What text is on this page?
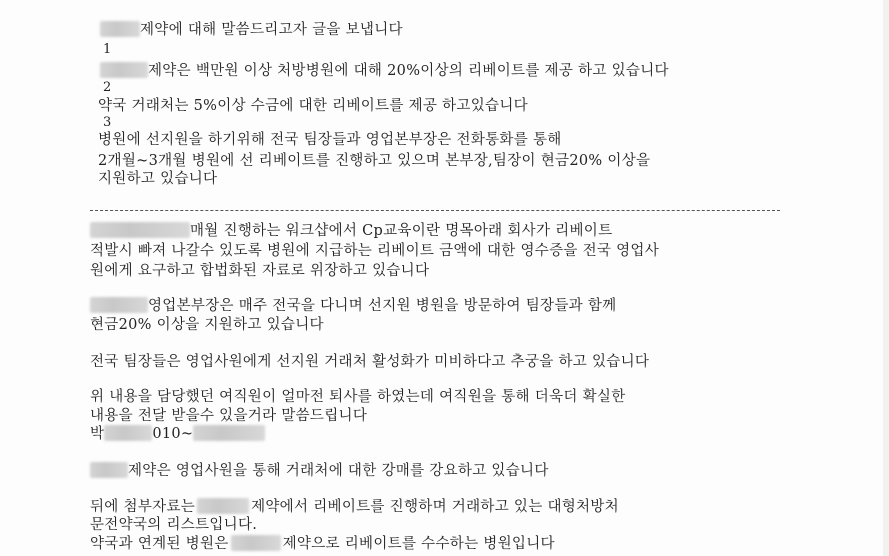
제약에 대해 말씀드리고자 글을 보냅니다
1
제약은 백만원 이상 처방병원에 대해 20%이상의 리베이트를 제공 하고 있습니다
2
약국 거래처는 5%이상 수금에 대한 리베이트를 제공 하고있습니다
3
병원에 선지원을 하기위해 전국 팀장들과 영업본부장은 전화통화를 통해
2개월~3개월 병원에 선 리베이트를 진행하고 있으며 본부장,팀장이 현금20% 이상을
지원하고 있습니다
매월 진행하는 워크샵에서 Cp교육이란 명목아래 회사가 리베이트
적발시 빠져 나갈수 있도록 병원에 지급하는 리베이트 금액에 대한 영수증을 전국 영업사
원에게 요구하고 합법화된 자료로 위장하고 있습니다
영업본부장은 매주 전국을 다니며 선지원 병원을 방문하여 팀장들과 함께
현금20% 이상을 지원하고 있습니다
전국 팀장들은 영업사원에게 선지원 거래처 활성화가 미비하다고 추궁을 하고 있습니다
위 내용을 담당했던 여직원이 얼마전 퇴사를 하였는데 여직원을 통해 더욱더 확실한
내용을 전달 받을수 있을거라 말씀드립니다
박	010~
제약은 영업사원을 통해 거래처에 대한 강매를 강요하고 있습니다
뒤에 첨부자료는	제약에서 리베이트를 진행하며 거래하고 있는 대형처방처
문전약국의 리스트입니다.
약국과 연계된 병원은	제약으로 리베이트를 수수하는 병원입니다
